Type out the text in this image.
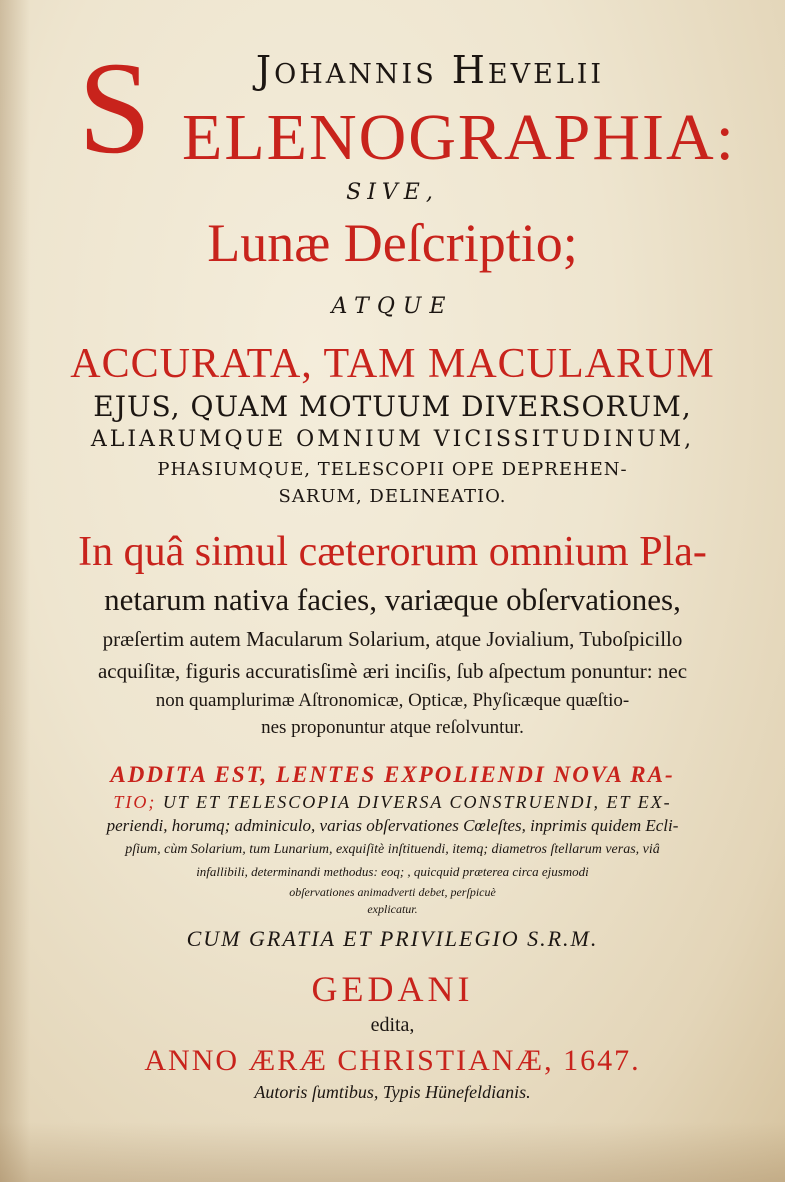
Johannis Hevelii

S ELENOGRAPHIA:

SIVE,

Lunæ Deſcriptio;

ATQUE

ACCURATA, TAM MACULARUM

EJUS, QUAM MOTUUM DIVERSORUM,

ALIARUMQUE OMNIUM VICISSITUDINUM,

PHASIUMQUE, TELESCOPII OPE DEPREHEN-

SARUM, DELINEATIO.

In quâ simul cæterorum omnium Pla-

netarum nativa facies, variæque obſervationes,

præſertim autem Macularum Solarium, atque Jovialium, Tuboſpicillo

acquiſitæ, figuris accuratisſimè æri inciſis, ſub aſpectum ponuntur: nec

non quamplurimæ Aſtronomicæ, Opticæ, Phyſicæque quæſtio-

nes proponuntur atque reſolvuntur.

ADDITA EST, LENTES EXPOLIENDI NOVA RA-

TIO; UT ET TELESCOPIA DIVERSA CONSTRUENDI, ET EX-

periendi, horumq; adminiculo, varias obſervationes Cœleſtes, inprimis quidem Ecli-

pſium, cùm Solarium, tum Lunarium, exquiſitè inſtituendi, itemq; diametros ſtellarum veras, viâ

infallibili, determinandi methodus: eoq; , quicquid præterea circa ejusmodi

obſervationes animadverti debet, perſpicuè

explicatur.

CUM GRATIA ET PRIVILEGIO S.R.M.

GEDANI

edita,

ANNO ÆRÆ CHRISTIANÆ, 1647.

Autoris ſumtibus, Typis Hünefeldianis.
